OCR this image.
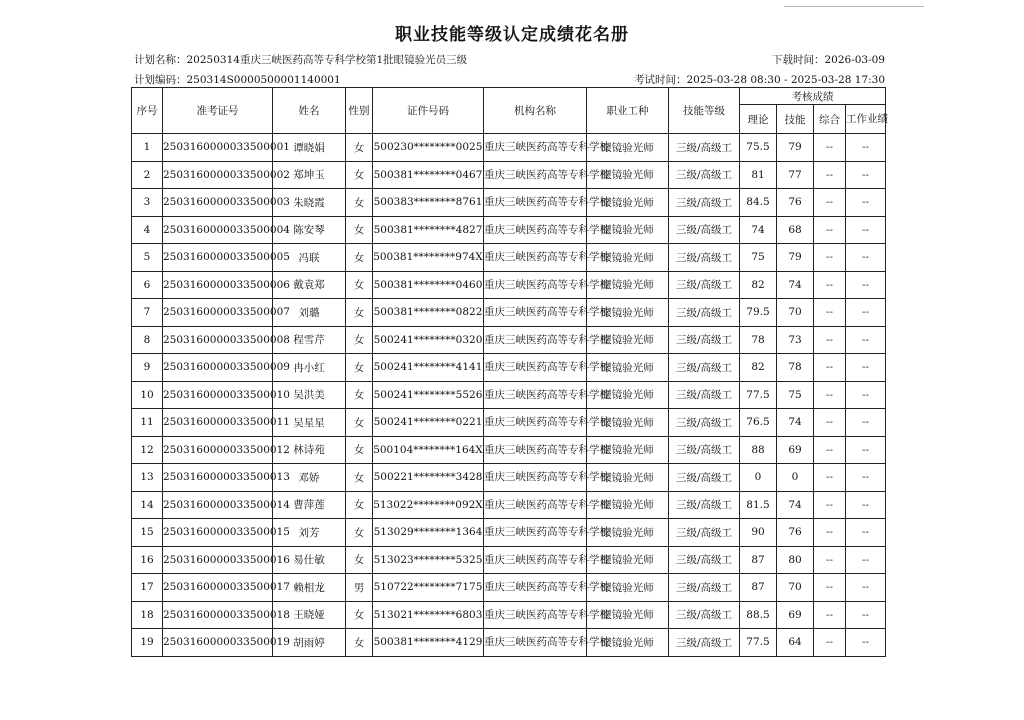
职业技能等级认定成绩花名册
计划名称：20250314重庆三峡医药高等专科学校第1批眼镜验光员三级	下载时间：2026-03-09
计划编码：250314S0000500001140001	考试时间：2025-03-28 08:30 - 2025-03-28 17:30
序号	准考证号	姓名	性别	证件号码	机构名称	职业工种	技能等级	考核成绩			
								理论	技能	综合	工作业绩
1	2503160000033500001	谭晓娟	女	500230********0025	重庆三峡医药高等专科学校	眼镜验光师	三级/高级工	75.5	79	--	--
2	2503160000033500002	郑坤玉	女	500381********0467	重庆三峡医药高等专科学校	眼镜验光师	三级/高级工	81	77	--	--
3	2503160000033500003	朱晓霞	女	500383********8761	重庆三峡医药高等专科学校	眼镜验光师	三级/高级工	84.5	76	--	--
4	2503160000033500004	陈安琴	女	500381********4827	重庆三峡医药高等专科学校	眼镜验光师	三级/高级工	74	68	--	--
5	2503160000033500005	冯联	女	500381********974X	重庆三峡医药高等专科学校	眼镜验光师	三级/高级工	75	79	--	--
6	2503160000033500006	戴袁郑	女	500381********0460	重庆三峡医药高等专科学校	眼镜验光师	三级/高级工	82	74	--	--
7	2503160000033500007	刘璐	女	500381********0822	重庆三峡医药高等专科学校	眼镜验光师	三级/高级工	79.5	70	--	--
8	2503160000033500008	程雪芹	女	500241********0320	重庆三峡医药高等专科学校	眼镜验光师	三级/高级工	78	73	--	--
9	2503160000033500009	冉小红	女	500241********4141	重庆三峡医药高等专科学校	眼镜验光师	三级/高级工	82	78	--	--
10	2503160000033500010	吴洪美	女	500241********5526	重庆三峡医药高等专科学校	眼镜验光师	三级/高级工	77.5	75	--	--
11	2503160000033500011	吴星星	女	500241********0221	重庆三峡医药高等专科学校	眼镜验光师	三级/高级工	76.5	74	--	--
12	2503160000033500012	林诗苑	女	500104********164X	重庆三峡医药高等专科学校	眼镜验光师	三级/高级工	88	69	--	--
13	2503160000033500013	邓娇	女	500221********3428	重庆三峡医药高等专科学校	眼镜验光师	三级/高级工	0	0	--	--
14	2503160000033500014	曹萍莲	女	513022********092X	重庆三峡医药高等专科学校	眼镜验光师	三级/高级工	81.5	74	--	--
15	2503160000033500015	刘芳	女	513029********1364	重庆三峡医药高等专科学校	眼镜验光师	三级/高级工	90	76	--	--
16	2503160000033500016	易仕敏	女	513023********5325	重庆三峡医药高等专科学校	眼镜验光师	三级/高级工	87	80	--	--
17	2503160000033500017	赖相龙	男	510722********7175	重庆三峡医药高等专科学校	眼镜验光师	三级/高级工	87	70	--	--
18	2503160000033500018	王晓娅	女	513021********6803	重庆三峡医药高等专科学校	眼镜验光师	三级/高级工	88.5	69	--	--
19	2503160000033500019	胡雨婷	女	500381********4129	重庆三峡医药高等专科学校	眼镜验光师	三级/高级工	77.5	64	--	--
